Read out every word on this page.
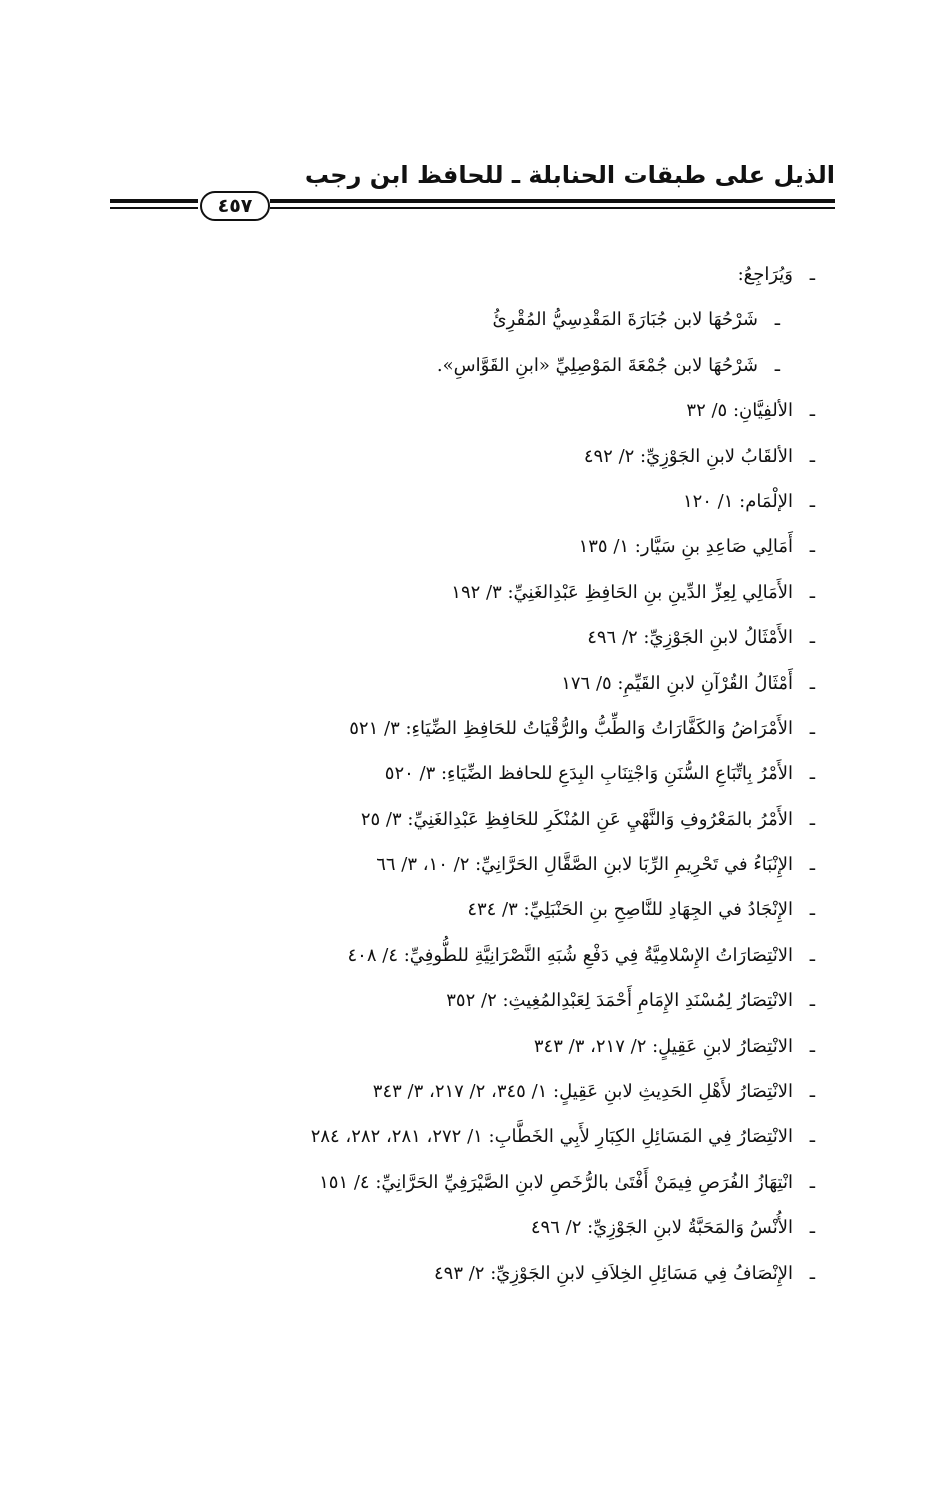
الذيل على طبقات الحنابلة ـ للحافظ ابن رجب
٤٥٧
ـوَيُرَاجِعُ:
ـشَرْحُهَا لابن جُبَارَةَ المَقْدِسِيُّ المُقْرِئُ
ـشَرْحُهَا لابن جُمْعَةَ المَوْصِلِيِّ «ابنِ القَوَّاسِ».
ـالألفِيَّانِ: ٥/ ٣٢
ـالألقَابُ لابنِ الجَوْزِيِّ: ٢/ ٤٩٢
ـالإلْمَام: ١/ ١٢٠
ـأَمَالِي صَاعِدِ بنِ سَيَّار: ١/ ١٣٥
ـالأَمَالِي لِعِزِّ الدِّينِ بنِ الحَافِظِ عَبْدِالغَنِيِّ: ٣/ ١٩٢
ـالأَمْثَالُ لابنِ الجَوْزِيِّ: ٢/ ٤٩٦
ـأَمْثَالُ القُرْآنِ لابنِ القَيِّمِ: ٥/ ١٧٦
ـالأَمْرَاضُ وَالكَفَّارَاتُ وَالطِّبُّ والرُّقْيَاتُ للحَافِظِ الضِّيَاءِ: ٣/ ٥٢١
ـالأَمْرُ بِاتِّبَاعِ السُّنَنِ وَاجْتِنَابِ البِدَعِ للحافظ الضِّيَاءِ: ٣/ ٥٢٠
ـالأَمْرُ بالمَعْرُوفِ وَالنَّهْيِ عَنِ المُنْكَرِ للحَافِظِ عَبْدِالغَنِيِّ: ٣/ ٢٥
ـالإِنْبَاءُ في تَحْرِيمِ الرِّبَا لابنِ الصَّقَّالِ الحَرَّانِيِّ: ٢/ ١٠، ٣/ ٦٦
ـالإِنْجَادُ في الجِهَادِ للنَّاصِحِ بنِ الحَنْبَلِيِّ: ٣/ ٤٣٤
ـالانْتِصَارَاتُ الإِسْلامِيَّةُ فِي دَفْعِ شُبَهِ النَّصْرَانِيَّةِ للطُّوفِيِّ: ٤/ ٤٠٨
ـالانْتِصَارُ لِمُسْنَدِ الإِمَامِ أَحْمَدَ لِعَبْدِالمُغِيثِ: ٢/ ٣٥٢
ـالانْتِصَارُ لابنِ عَقِيلٍ: ٢/ ٢١٧، ٣/ ٣٤٣
ـالانْتِصَارُ لأَهْلِ الحَدِيثِ لابنِ عَقِيلٍ: ١/ ٣٤٥، ٢/ ٢١٧، ٣/ ٣٤٣
ـالانْتِصَارُ فِي المَسَائِلِ الكِبَارِ لأَبِي الخَطَّابِ: ١/ ٢٧٢، ٢٨١، ٢٨٢، ٢٨٤
ـانْتِهَازُ الفُرَصِ فِيمَنْ أَفْتَىٰ بالرُّخَصِ لابنِ الصَّيْرَفِيِّ الحَرَّانِيِّ: ٤/ ١٥١
ـالأُنْسُ وَالمَحَبَّةُ لابنِ الجَوْزِيِّ: ٢/ ٤٩٦
ـالإِنْصَافُ فِي مَسَائِلِ الخِلاَفِ لابنِ الجَوْزِيِّ: ٢/ ٤٩٣
